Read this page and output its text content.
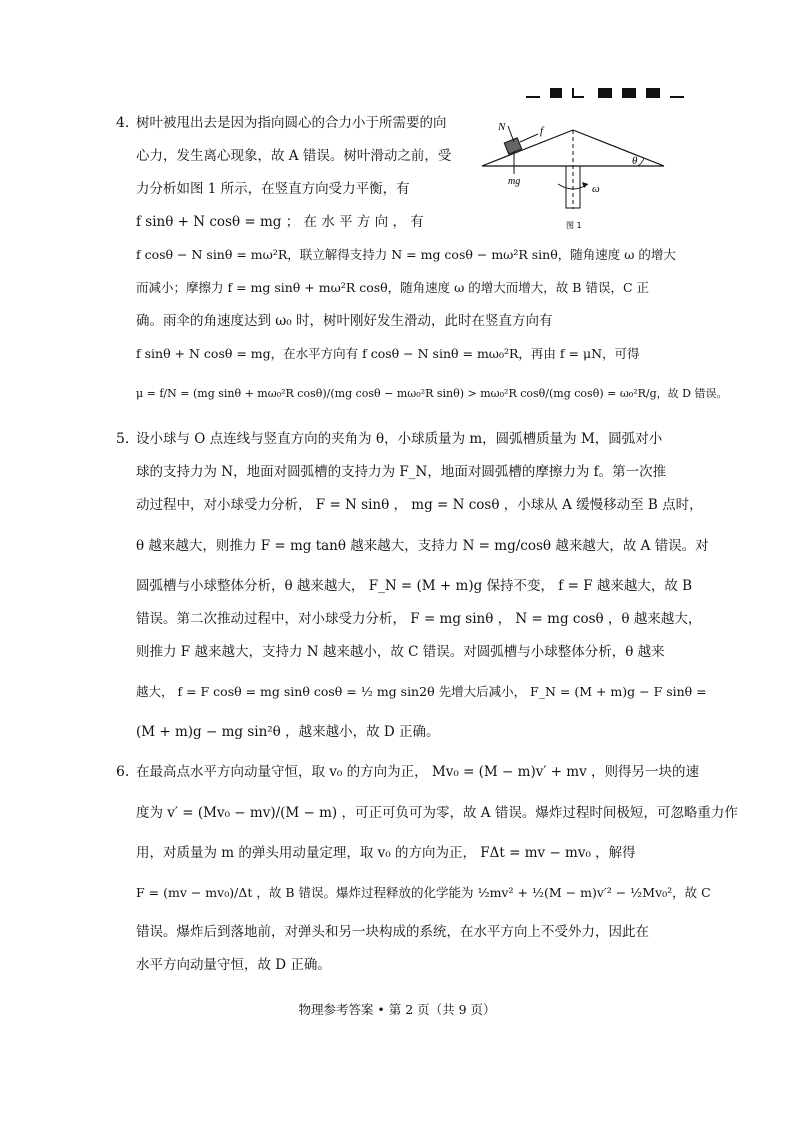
N	f
mg
θ
ω
图 1
4. 树叶被甩出去是因为指向圆心的合力小于所需要的向
心力，发生离心现象，故 A 错误。树叶滑动之前，受
力分析如图 1 所示，在竖直方向受力平衡，有
f sinθ + N cosθ = mg ； 在 水 平 方 向 ， 有
f cosθ − N sinθ = mω²R，联立解得支持力 N = mg cosθ − mω²R sinθ，随角速度 ω 的增大
而减小；摩擦力 f = mg sinθ + mω²R cosθ，随角速度 ω 的增大而增大，故 B 错误，C 正
确。雨伞的角速度达到 ω₀ 时，树叶刚好发生滑动，此时在竖直方向有
f sinθ + N cosθ = mg，在水平方向有 f cosθ − N sinθ = mω₀²R，再由 f = μN，可得
μ = f/N = (mg sinθ + mω₀²R cosθ)/(mg cosθ − mω₀²R sinθ) > mω₀²R cosθ/(mg cosθ) = ω₀²R/g，故 D 错误。
5. 设小球与 O 点连线与竖直方向的夹角为 θ，小球质量为 m，圆弧槽质量为 M，圆弧对小
球的支持力为 N，地面对圆弧槽的支持力为 F_N，地面对圆弧槽的摩擦力为 f。第一次推
动过程中，对小球受力分析， F = N sinθ ， mg = N cosθ ，小球从 A 缓慢移动至 B 点时，
θ 越来越大，则推力 F = mg tanθ 越来越大，支持力 N = mg/cosθ 越来越大，故 A 错误。对
圆弧槽与小球整体分析，θ 越来越大， F_N = (M + m)g 保持不变， f = F 越来越大，故 B
错误。第二次推动过程中，对小球受力分析， F = mg sinθ ， N = mg cosθ ，θ 越来越大，
则推力 F 越来越大，支持力 N 越来越小，故 C 错误。对圆弧槽与小球整体分析，θ 越来
越大， f = F cosθ = mg sinθ cosθ = ½ mg sin2θ 先增大后减小， F_N = (M + m)g − F sinθ =
(M + m)g − mg sin²θ ，越来越小，故 D 正确。
6. 在最高点水平方向动量守恒，取 v₀ 的方向为正， Mv₀ = (M − m)v′ + mv ，则得另一块的速
度为 v′ = (Mv₀ − mv)/(M − m) ，可正可负可为零，故 A 错误。爆炸过程时间极短，可忽略重力作
用，对质量为 m 的弹头用动量定理，取 v₀ 的方向为正， FΔt = mv − mv₀ ，解得
F = (mv − mv₀)/Δt ，故 B 错误。爆炸过程释放的化学能为 ½mv² + ½(M − m)v′² − ½Mv₀²，故 C
错误。爆炸后到落地前，对弹头和另一块构成的系统，在水平方向上不受外力，因此在
水平方向动量守恒，故 D 正确。
物理参考答案 • 第 2 页（共 9 页）
